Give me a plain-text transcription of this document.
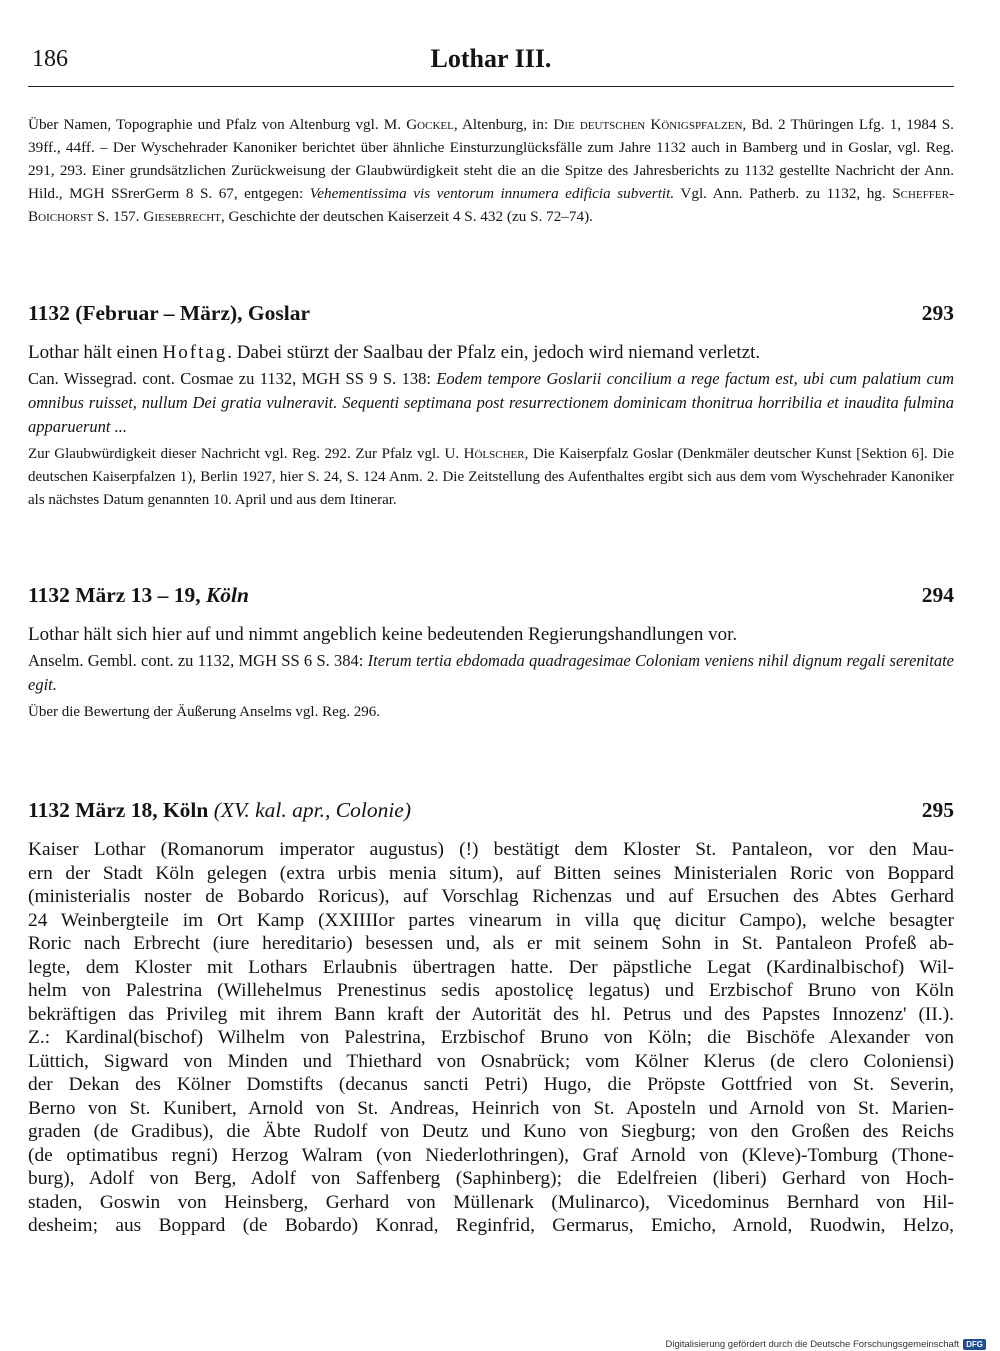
186	Lothar III.

Über Namen, Topographie und Pfalz von Altenburg vgl. M. Gockel, Altenburg, in: Die deutschen Königspfalzen, Bd. 2 Thüringen Lfg. 1, 1984 S. 39ff., 44ff. – Der Wyschehrader Kanoniker berichtet über ähnliche Einsturzunglücksfälle zum Jahre 1132 auch in Bamberg und in Goslar, vgl. Reg. 291, 293. Einer grundsätzlichen Zurückweisung der Glaubwürdigkeit steht die an die Spitze des Jahresberichts zu 1132 gestellte Nachricht der Ann. Hild., MGH SSrerGerm 8 S. 67, entgegen: Vehementissima vis ventorum innumera edificia subvertit. Vgl. Ann. Patherb. zu 1132, hg. Scheffer-Boichorst S. 157. Giesebrecht, Geschichte der deutschen Kaiserzeit 4 S. 432 (zu S. 72–74).

1132 (Februar – März), Goslar	293

Lothar hält einen Hoftag. Dabei stürzt der Saalbau der Pfalz ein, jedoch wird niemand verletzt.

Can. Wissegrad. cont. Cosmae zu 1132, MGH SS 9 S. 138: Eodem tempore Goslarii concilium a rege factum est, ubi cum palatium cum omnibus ruisset, nullum Dei gratia vulneravit. Sequenti septimana post resurrectionem dominicam thonitrua horribilia et inaudita fulmina apparuerunt ...

Zur Glaubwürdigkeit dieser Nachricht vgl. Reg. 292. Zur Pfalz vgl. U. Hölscher, Die Kaiserpfalz Goslar (Denkmäler deutscher Kunst [Sektion 6]. Die deutschen Kaiserpfalzen 1), Berlin 1927, hier S. 24, S. 124 Anm. 2. Die Zeitstellung des Aufenthaltes ergibt sich aus dem vom Wyschehrader Kanoniker als nächstes Datum genannten 10. April und aus dem Itinerar.

1132 März 13 – 19, Köln	294

Lothar hält sich hier auf und nimmt angeblich keine bedeutenden Regierungshandlungen vor.

Anselm. Gembl. cont. zu 1132, MGH SS 6 S. 384: Iterum tertia ebdomada quadragesimae Coloniam veniens nihil dignum regali serenitate egit.

Über die Bewertung der Äußerung Anselms vgl. Reg. 296.

1132 März 18, Köln (XV. kal. apr., Colonie)	295
Kaiser Lothar (Romanorum imperator augustus) (!) bestätigt dem Kloster St. Pantaleon, vor den Mau-
ern der Stadt Köln gelegen (extra urbis menia situm), auf Bitten seines Ministerialen Roric von Boppard
(ministerialis noster de Bobardo Roricus), auf Vorschlag Richenzas und auf Ersuchen des Abtes Gerhard
24 Weinbergteile im Ort Kamp (XXIIIIor partes vinearum in villa quę dicitur Campo), welche besagter
Roric nach Erbrecht (iure hereditario) besessen und, als er mit seinem Sohn in St. Pantaleon Profeß ab-
legte, dem Kloster mit Lothars Erlaubnis übertragen hatte. Der päpstliche Legat (Kardinalbischof) Wil-
helm von Palestrina (Willehelmus Prenestinus sedis apostolicę legatus) und Erzbischof Bruno von Köln
bekräftigen das Privileg mit ihrem Bann kraft der Autorität des hl. Petrus und des Papstes Innozenz' (II.).
Z.: Kardinal(bischof) Wilhelm von Palestrina, Erzbischof Bruno von Köln; die Bischöfe Alexander von
Lüttich, Sigward von Minden und Thiethard von Osnabrück; vom Kölner Klerus (de clero Coloniensi)
der Dekan des Kölner Domstifts (decanus sancti Petri) Hugo, die Pröpste Gottfried von St. Severin,
Berno von St. Kunibert, Arnold von St. Andreas, Heinrich von St. Aposteln und Arnold von St. Marien-
graden (de Gradibus), die Äbte Rudolf von Deutz und Kuno von Siegburg; von den Großen des Reichs
(de optimatibus regni) Herzog Walram (von Niederlothringen), Graf Arnold von (Kleve)-Tomburg (Thone-
burg), Adolf von Berg, Adolf von Saffenberg (Saphinberg); die Edelfreien (liberi) Gerhard von Hoch-
staden, Goswin von Heinsberg, Gerhard von Müllenark (Mulinarco), Vicedominus Bernhard von Hil-
desheim; aus Boppard (de Bobardo) Konrad, Reginfrid, Germarus, Emicho, Arnold, Ruodwin, Helzo,
Digitalisierung gefördert durch die Deutsche Forschungsgemeinschaft DFG
